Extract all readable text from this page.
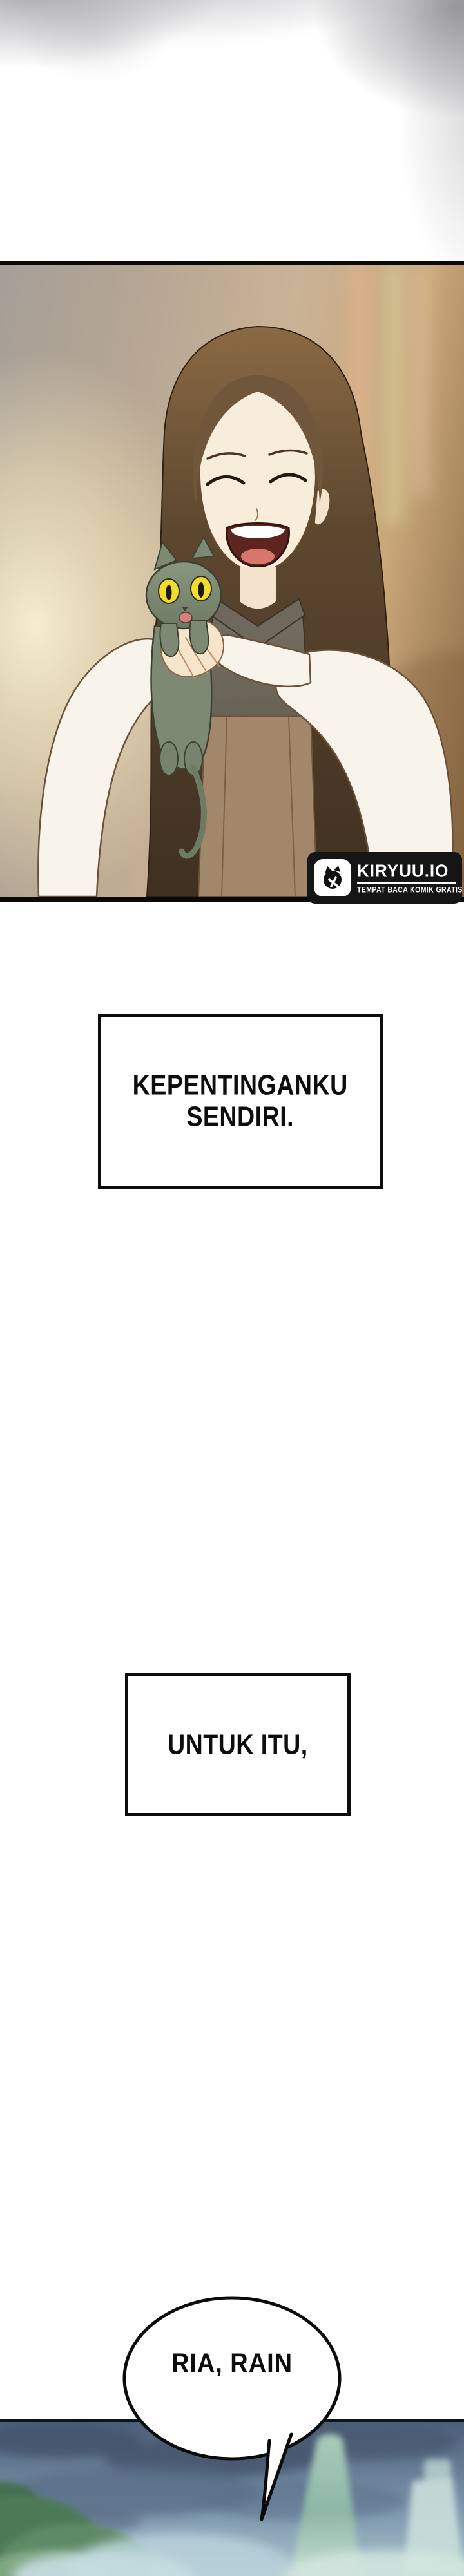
KIRYUU.IO
TEMPAT BACA KOMIK GRATIS
KEPENTINGANKU
SENDIRI.
UNTUK ITU,
RIA, RAIN
